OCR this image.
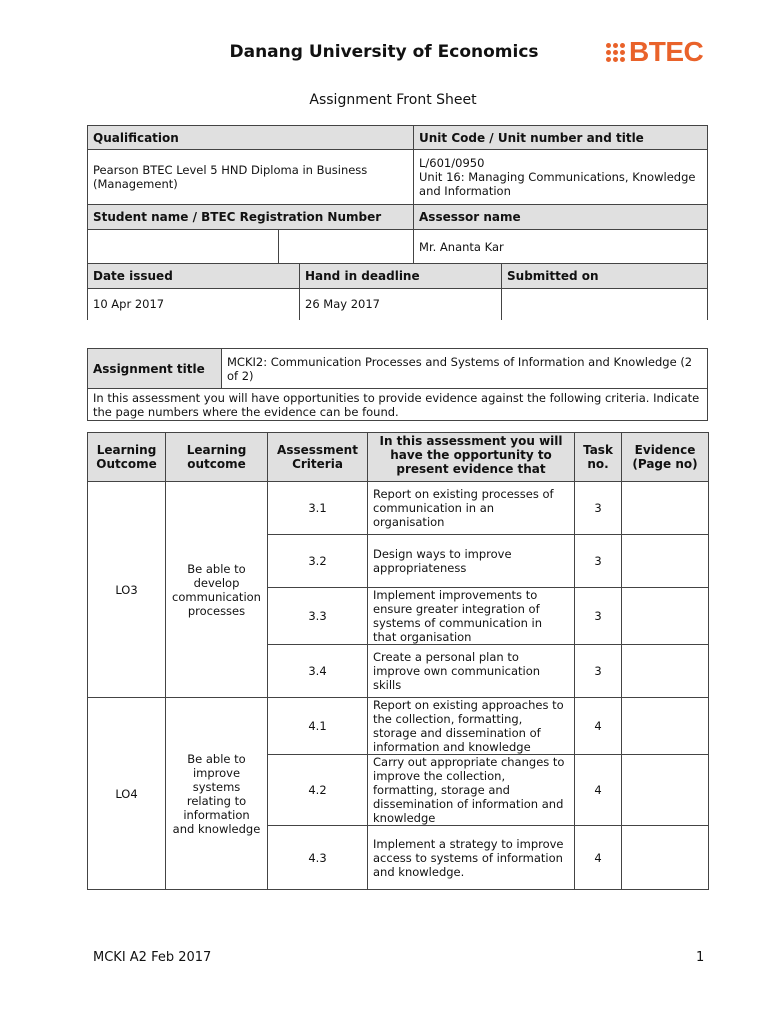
Danang University of Economics	BTEC
Assignment Front Sheet
Qualification			Unit Code / Unit number and title	
Pearson BTEC Level 5 HND Diploma in Business (Management)			L/601/0950
Unit 16: Managing Communications, Knowledge and Information	

Student name / BTEC Registration Number			Assessor name	
			Mr. Ananta Kar	
Date issued		Hand in deadline		Submitted on
10 Apr 2017		26 May 2017		
Assignment title	MCKI2: Communication Processes and Systems of Information and Knowledge (2 of 2)
In this assessment you will have opportunities to provide evidence against the following criteria. Indicate the page numbers where the evidence can be found.
Learning Outcome	Learning outcome	Assessment Criteria	In this assessment you will have the opportunity to present evidence that	Task no.	Evidence (Page no)
LO3	Be able to develop communication processes	3.1	Report on existing processes of communication in an organisation	3	
		3.2	Design ways to improve appropriateness	3	
		3.3	Implement improvements to ensure greater integration of systems of communication in that organisation	3	
		3.4	Create a personal plan to improve own communication skills	3	
LO4	Be able to improve systems relating to information and knowledge	4.1	Report on existing approaches to the collection, formatting, storage and dissemination of information and knowledge	4	
		4.2	Carry out appropriate changes to improve the collection, formatting, storage and dissemination of information and knowledge	4	
		4.3	Implement a strategy to improve access to systems of information and knowledge.	4	
MCKI A2 Feb 2017	1
